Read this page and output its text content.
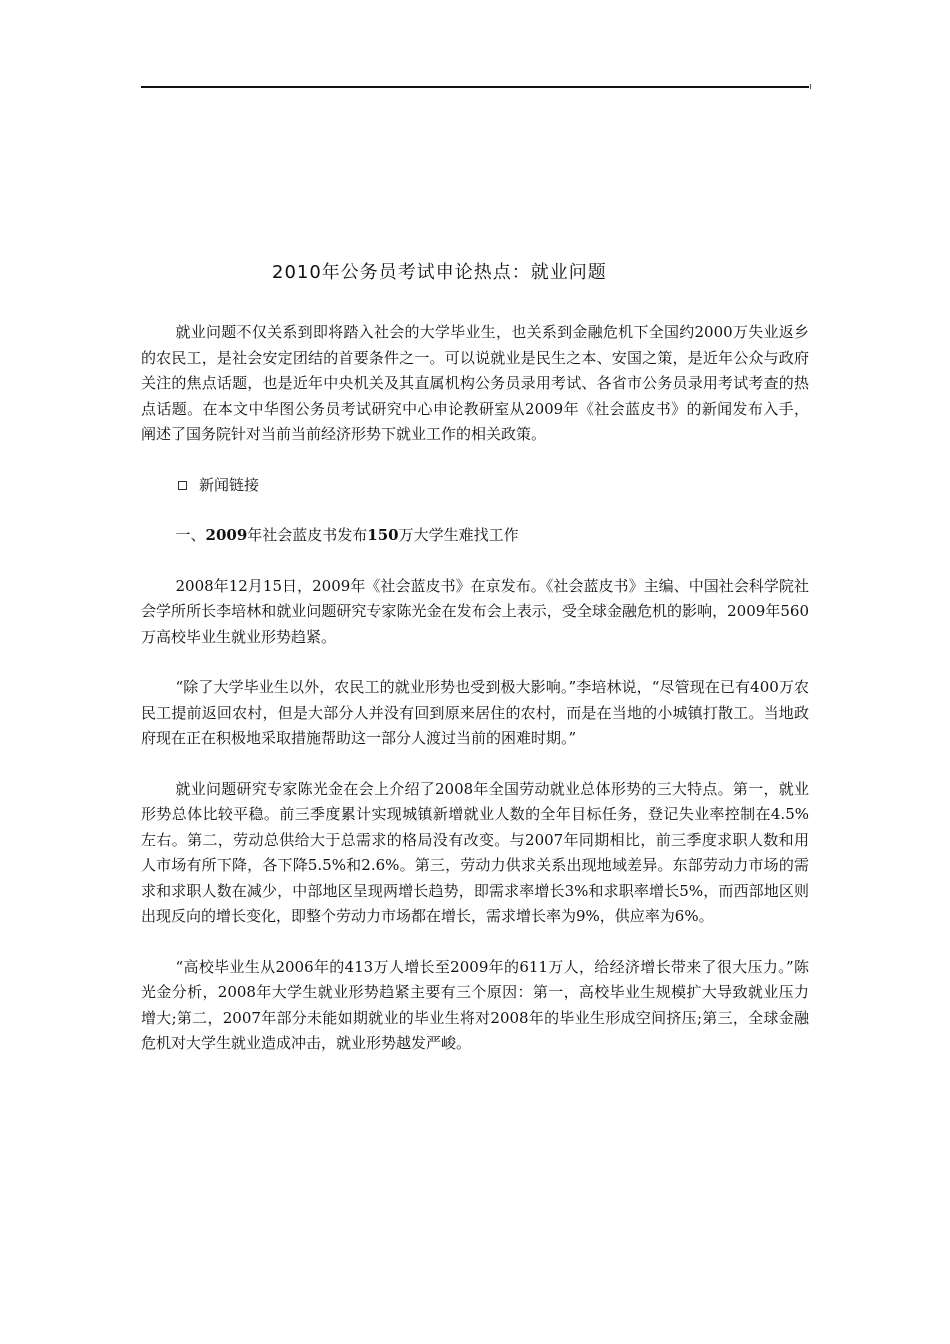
2010年公务员考试申论热点：就业问题

就业问题不仅关系到即将踏入社会的大学毕业生，也关系到金融危机下全国约2000万失业返乡的农民工，是社会安定团结的首要条件之一。可以说就业是民生之本、安国之策，是近年公众与政府关注的焦点话题，也是近年中央机关及其直属机构公务员录用考试、各省市公务员录用考试考查的热点话题。在本文中华图公务员考试研究中心申论教研室从2009年《社会蓝皮书》的新闻发布入手，阐述了国务院针对当前当前经济形势下就业工作的相关政策。

新闻链接

一、2009年社会蓝皮书发布150万大学生难找工作

2008年12月15日，2009年《社会蓝皮书》在京发布。《社会蓝皮书》主编、中国社会科学院社会学所所长李培林和就业问题研究专家陈光金在发布会上表示，受全球金融危机的影响，2009年560万高校毕业生就业形势趋紧。

“除了大学毕业生以外，农民工的就业形势也受到极大影响。”李培林说，“尽管现在已有400万农民工提前返回农村，但是大部分人并没有回到原来居住的农村，而是在当地的小城镇打散工。当地政府现在正在积极地采取措施帮助这一部分人渡过当前的困难时期。”

就业问题研究专家陈光金在会上介绍了2008年全国劳动就业总体形势的三大特点。第一，就业形势总体比较平稳。前三季度累计实现城镇新增就业人数的全年目标任务，登记失业率控制在4.5%左右。第二，劳动总供给大于总需求的格局没有改变。与2007年同期相比，前三季度求职人数和用人市场有所下降，各下降5.5%和2.6%。第三，劳动力供求关系出现地域差异。东部劳动力市场的需求和求职人数在减少，中部地区呈现两增长趋势，即需求率增长3%和求职率增长5%，而西部地区则出现反向的增长变化，即整个劳动力市场都在增长，需求增长率为9%，供应率为6%。

“高校毕业生从2006年的413万人增长至2009年的611万人，给经济增长带来了很大压力。”陈光金分析，2008年大学生就业形势趋紧主要有三个原因：第一，高校毕业生规模扩大导致就业压力增大;第二，2007年部分未能如期就业的毕业生将对2008年的毕业生形成空间挤压;第三，全球金融危机对大学生就业造成冲击，就业形势越发严峻。
